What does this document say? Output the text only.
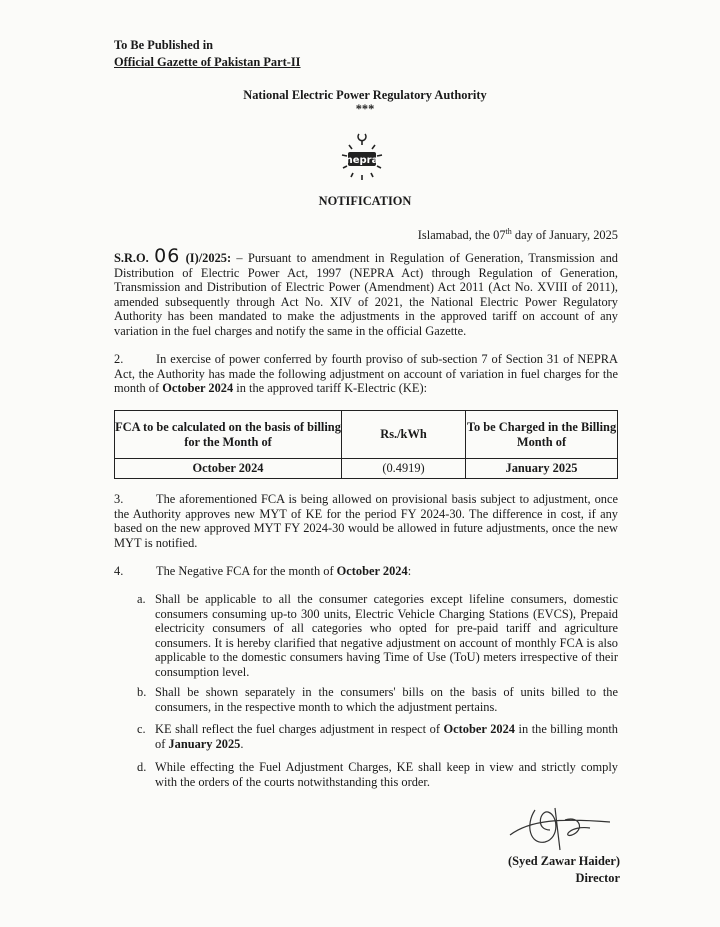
To Be Published in
Official Gazette of Pakistan Part-II
National Electric Power Regulatory Authority
***
nepra
NOTIFICATION
Islamabad, the 07th day of January, 2025
S.R.O. 06 (I)/2025: – Pursuant to amendment in Regulation of Generation, Transmission and Distribution of Electric Power Act, 1997 (NEPRA Act) through Regulation of Generation, Transmission and Distribution of Electric Power (Amendment) Act 2011 (Act No. XVIII of 2011), amended subsequently through Act No. XIV of 2021, the National Electric Power Regulatory Authority has been mandated to make the adjustments in the approved tariff on account of any variation in the fuel charges and notify the same in the official Gazette.
2.	In exercise of power conferred by fourth proviso of sub-section 7 of Section 31 of NEPRA Act, the Authority has made the following adjustment on account of variation in fuel charges for the month of October 2024 in the approved tariff K-Electric (KE):
FCA to be calculated on the basis of billing for the Month of	Rs./kWh	To be Charged in the Billing Month of
October 2024	(0.4919)	January 2025
3.	The aforementioned FCA is being allowed on provisional basis subject to adjustment, once the Authority approves new MYT of KE for the period FY 2024-30. The difference in cost, if any based on the new approved MYT FY 2024-30 would be allowed in future adjustments, once the new MYT is notified.
4.	The Negative FCA for the month of October 2024:
a. Shall be applicable to all the consumer categories except lifeline consumers, domestic consumers consuming up-to 300 units, Electric Vehicle Charging Stations (EVCS), Prepaid electricity consumers of all categories who opted for pre-paid tariff and agriculture consumers. It is hereby clarified that negative adjustment on account of monthly FCA is also applicable to the domestic consumers having Time of Use (ToU) meters irrespective of their consumption level.
b. Shall be shown separately in the consumers' bills on the basis of units billed to the consumers, in the respective month to which the adjustment pertains.
c. KE shall reflect the fuel charges adjustment in respect of October 2024 in the billing month of January 2025.
d. While effecting the Fuel Adjustment Charges, KE shall keep in view and strictly comply with the orders of the courts notwithstanding this order.
(Syed Zawar Haider)
Director
